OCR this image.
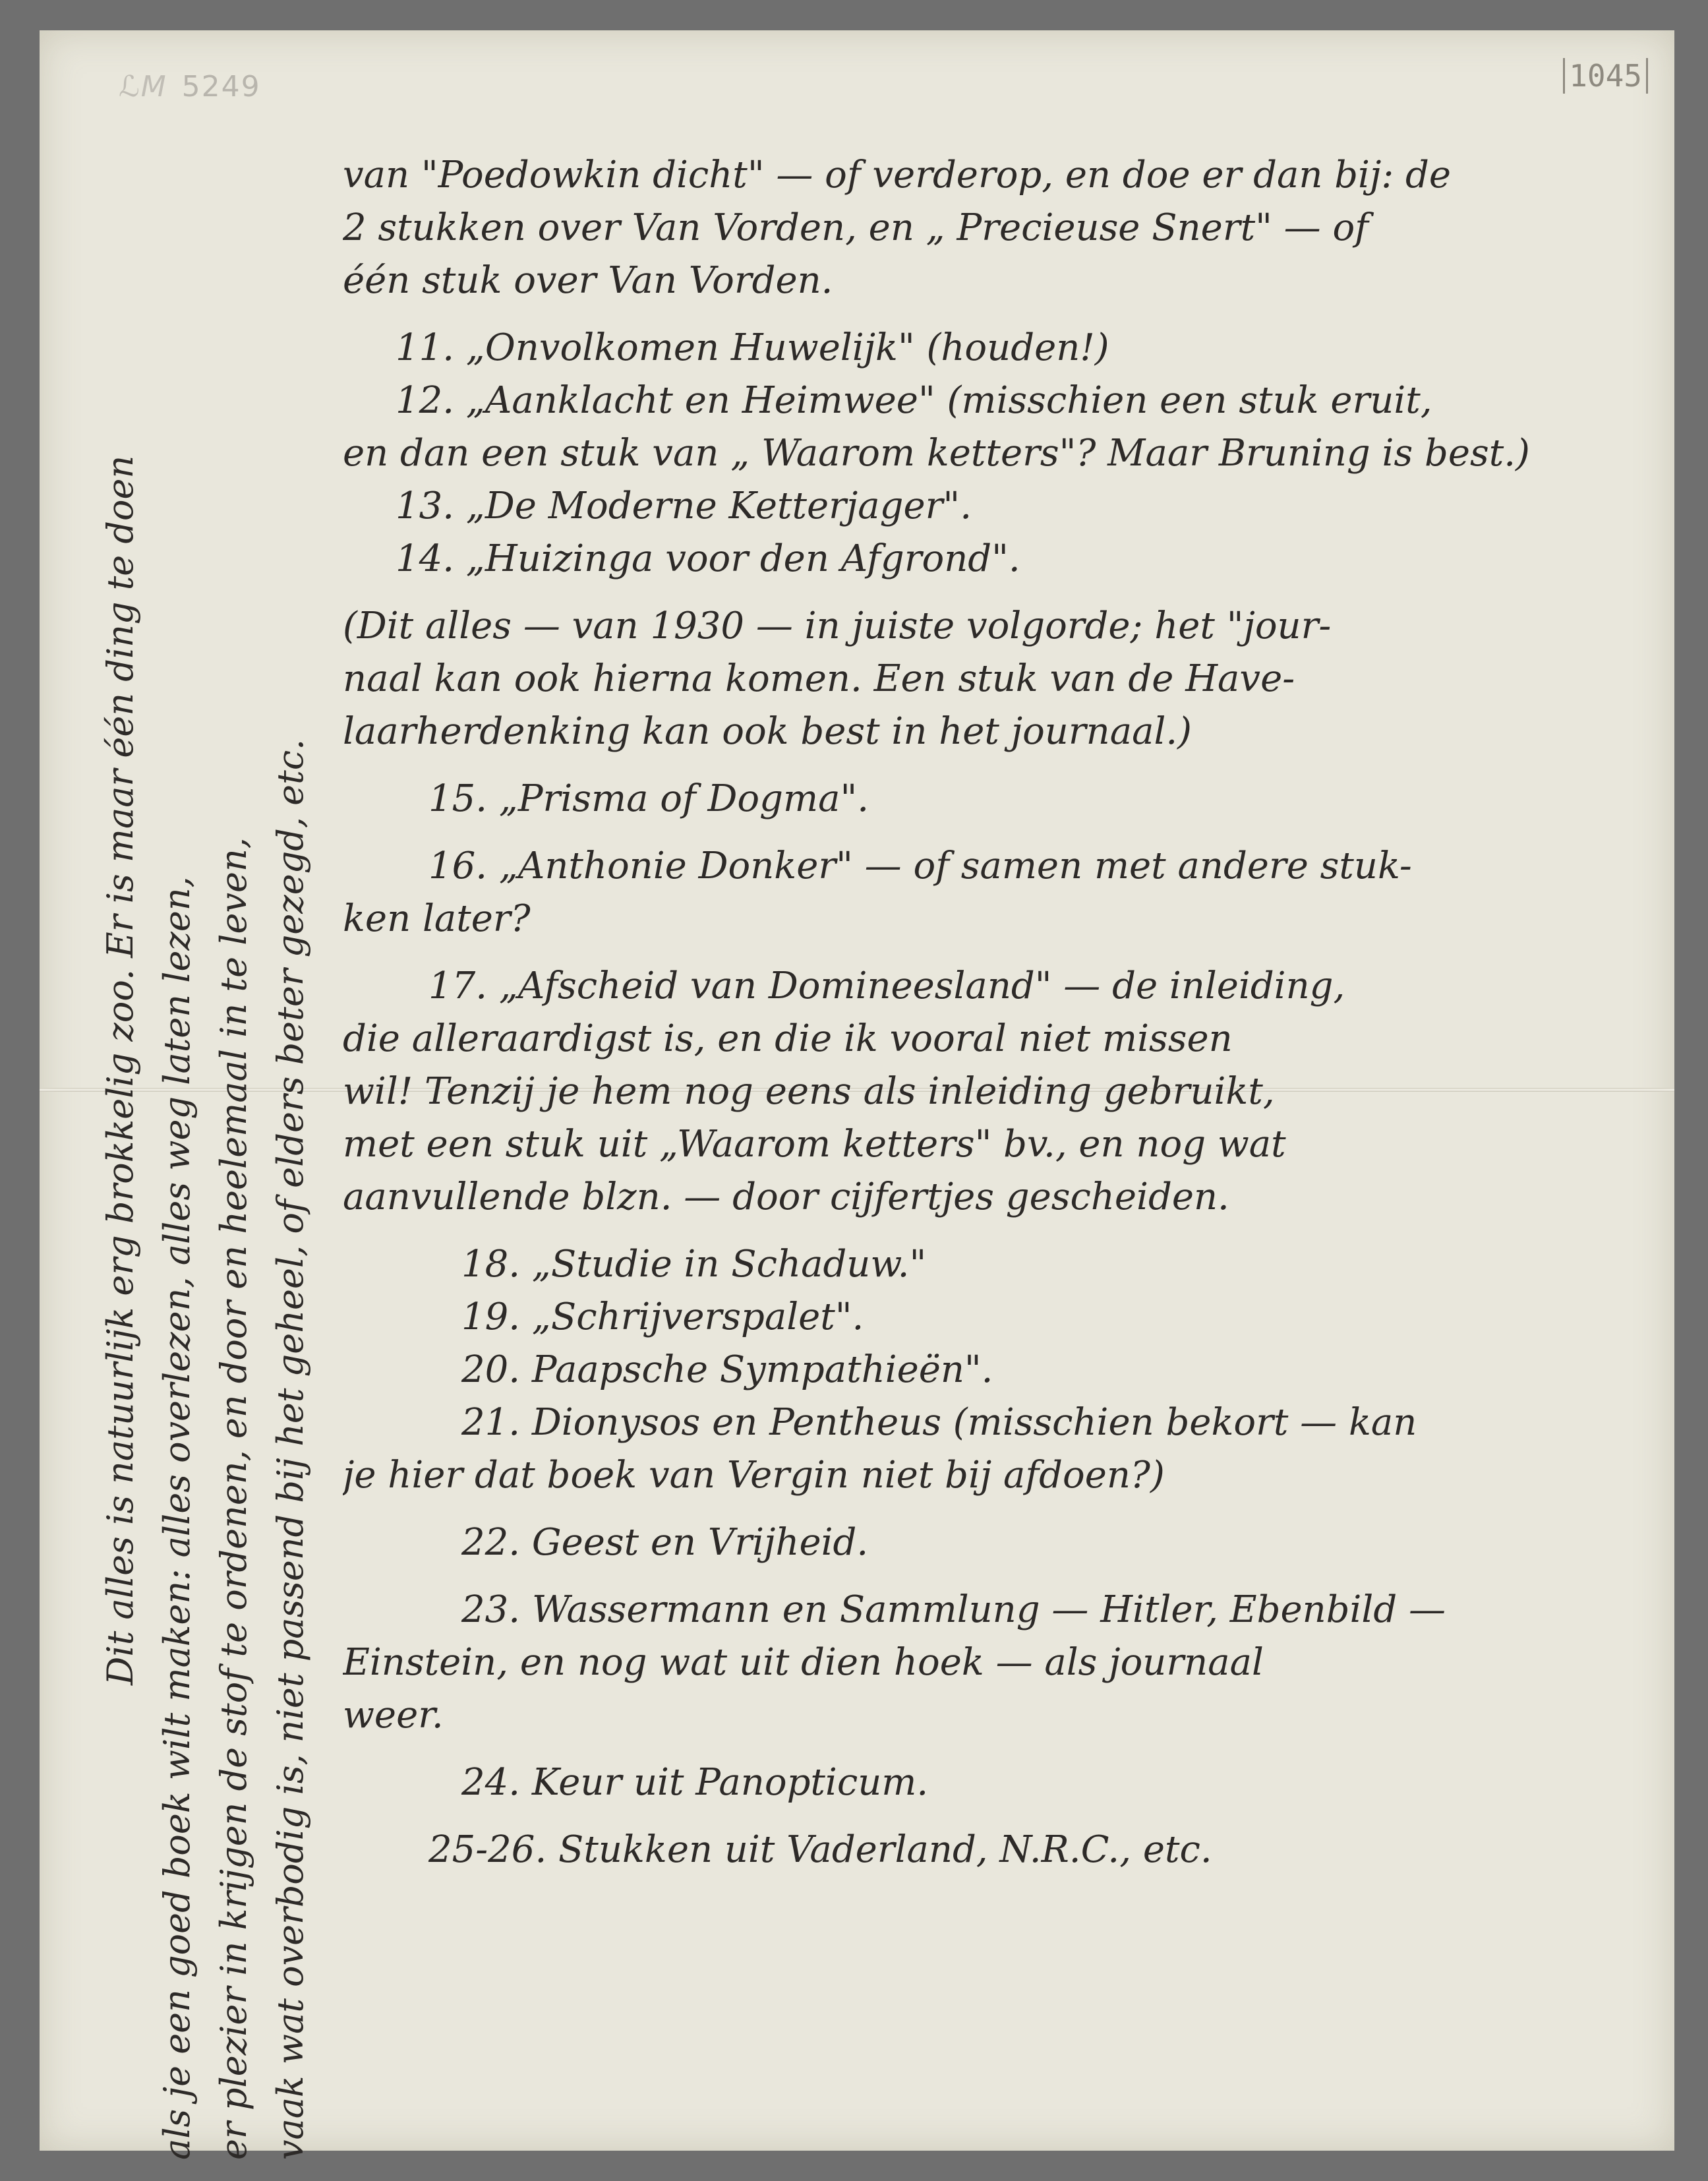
ℒM 5249	1045
van "Poedowkin dicht" — of verderop, en doe er dan bij: de
2 stukken over Van Vorden, en „ Precieuse Snert" — of
één stuk over Van Vorden.
11. „Onvolkomen Huwelijk" (houden!)
12. „Aanklacht en Heimwee" (misschien een stuk eruit,
en dan een stuk van „ Waarom ketters"? Maar Bruning is best.)
13. „De Moderne Ketterjager".
14. „Huizinga voor den Afgrond".
(Dit alles — van 1930 — in juiste volgorde; het "jour-
naal kan ook hierna komen. Een stuk van de Have-
laarherdenking kan ook best in het journaal.)
15. „Prisma of Dogma".
16. „Anthonie Donker" — of samen met andere stuk-
ken later?
17. „Afscheid van Domineesland" — de inleiding,
die alleraardigst is, en die ik vooral niet missen
wil! Tenzij je hem nog eens als inleiding gebruikt,
met een stuk uit „Waarom ketters" bv., en nog wat
aanvullende blzn. — door cijfertjes gescheiden.
18. „Studie in Schaduw."
19. „Schrijverspalet".
20. Paapsche Sympathieën".
21. Dionysos en Pentheus (misschien bekort — kan
je hier dat boek van Vergin niet bij afdoen?)
22. Geest en Vrijheid.
23. Wassermann en Sammlung — Hitler, Ebenbild —
Einstein, en nog wat uit dien hoek — als journaal
weer.
24. Keur uit Panopticum.
25-26. Stukken uit Vaderland, N.R.C., etc.
Dit alles is natuurlijk erg brokkelig zoo. Er is maar één ding te doen als je een goed boek wilt maken: alles overlezen, alles weg laten lezen, er plezier in krijgen de stof te ordenen, en door en heelemaal in te leven, vaak wat overbodig is, niet passend bij het geheel, of elders beter gezegd, etc.
